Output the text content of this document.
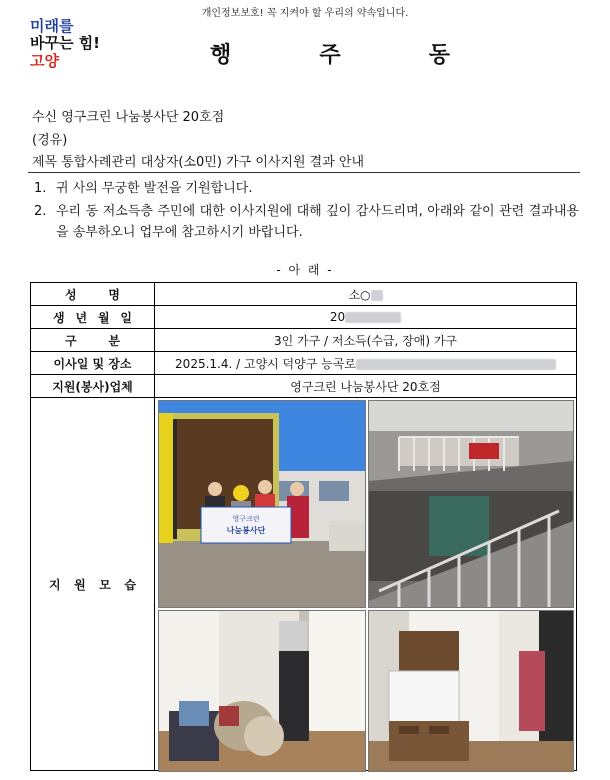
개인정보보호! 꼭 지켜야 할 우리의 약속입니다.
미래를
바꾸는 힘!
고양	행	주	동
수신 영구크린 나눔봉사단 20호점
(경유)
제목 통합사례관리 대상자(소0민) 가구 이사지원 결과 안내
1. 귀 사의 무궁한 발전을 기원합니다.
2. 우리 동 저소득층 주민에 대한 이사지원에 대해 깊이 감사드리며, 아래와 같이 관련 결과내용을 송부하오니 업무에 참고하시기 바랍니다.
- 아 래 -
성 명	소○

생 년 월 일	20

구 분	3인 가구 / 저소득(수급, 장애) 가구
이사일 및 장소	2025.1.4. / 고양시 덕양구 능곡로
지원(봉사)업체	영구크린 나눔봉사단 20호점

지 원 모 습	영구크린
나눔봉사단
